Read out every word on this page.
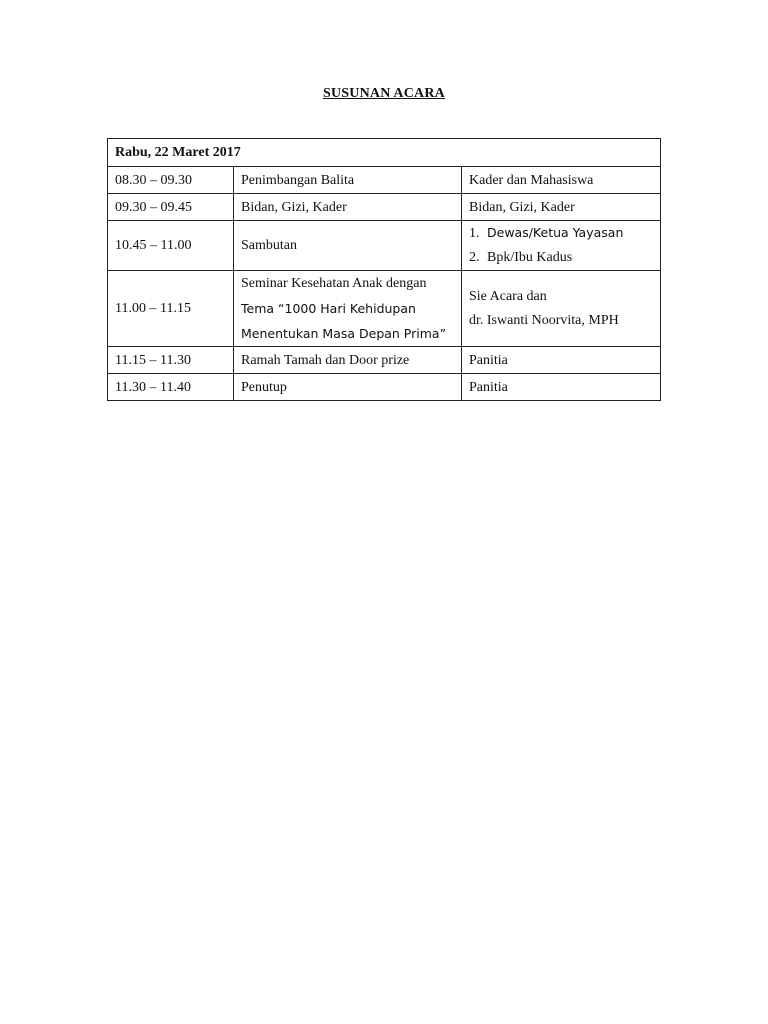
SUSUNAN ACARA
Rabu, 22 Maret 2017		
08.30 – 09.30	Penimbangan Balita	Kader dan Mahasiswa
09.30 – 09.45	Bidan, Gizi, Kader	Bidan, Gizi, Kader
10.45 – 11.00	Sambutan	1. Dewas/Ketua Yayasan
2. Bpk/Ibu Kadus

11.00 – 11.15	Seminar Kesehatan Anak dengan
Tema “1000 Hari Kehidupan
Menentukan Masa Depan Prima”	Sie Acara dan
dr. Iswanti Noorvita, MPH

11.15 – 11.30	Ramah Tamah dan Door prize	Panitia
11.30 – 11.40	Penutup	Panitia
